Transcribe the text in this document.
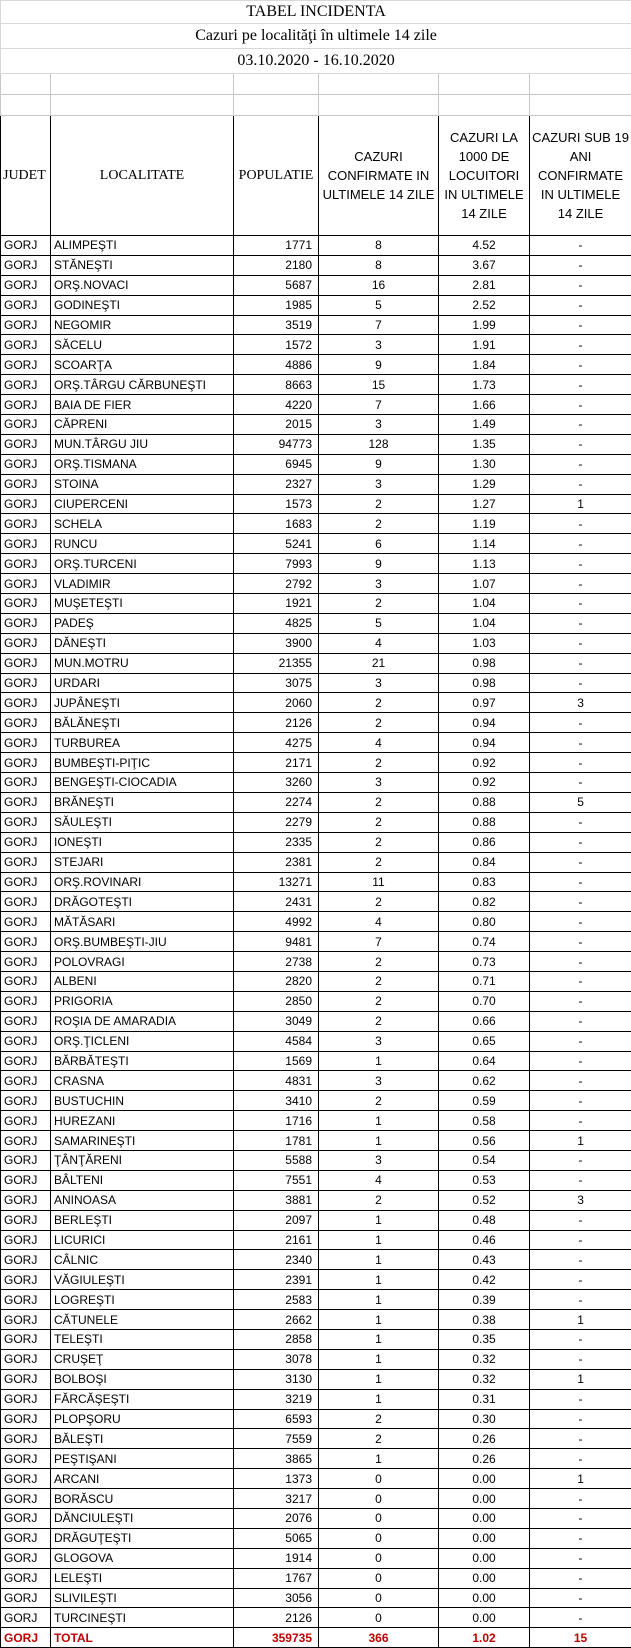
TABEL INCIDENTA					
Cazuri pe localităţi în ultimele 14 zile					
03.10.2020 - 16.10.2020					

JUDET	LOCALITATE	POPULATIE	CAZURI CONFIRMATE IN ULTIMELE 14 ZILE	CAZURI LA 1000 DE LOCUITORI IN ULTIMELE 14 ZILE	CAZURI SUB 19 ANI CONFIRMATE IN ULTIMELE 14 ZILE
GORJ	ALIMPEŞTI	1771	8	4.52	-
GORJ	STĂNEŞTI	2180	8	3.67	-
GORJ	ORŞ.NOVACI	5687	16	2.81	-
GORJ	GODINEŞTI	1985	5	2.52	-
GORJ	NEGOMIR	3519	7	1.99	-
GORJ	SĂCELU	1572	3	1.91	-
GORJ	SCOARŢA	4886	9	1.84	-
GORJ	ORŞ.TÂRGU CĂRBUNEŞTI	8663	15	1.73	-
GORJ	BAIA DE FIER	4220	7	1.66	-
GORJ	CĂPRENI	2015	3	1.49	-
GORJ	MUN.TÂRGU JIU	94773	128	1.35	-
GORJ	ORŞ.TISMANA	6945	9	1.30	-
GORJ	STOINA	2327	3	1.29	-
GORJ	CIUPERCENI	1573	2	1.27	1
GORJ	SCHELA	1683	2	1.19	-
GORJ	RUNCU	5241	6	1.14	-
GORJ	ORŞ.TURCENI	7993	9	1.13	-
GORJ	VLADIMIR	2792	3	1.07	-
GORJ	MUŞETEŞTI	1921	2	1.04	-
GORJ	PADEŞ	4825	5	1.04	-
GORJ	DĂNEŞTI	3900	4	1.03	-
GORJ	MUN.MOTRU	21355	21	0.98	-
GORJ	URDARI	3075	3	0.98	-
GORJ	JUPÂNEŞTI	2060	2	0.97	3
GORJ	BĂLĂNEŞTI	2126	2	0.94	-
GORJ	TURBUREA	4275	4	0.94	-
GORJ	BUMBEŞTI-PIŢIC	2171	2	0.92	-
GORJ	BENGEŞTI-CIOCADIA	3260	3	0.92	-
GORJ	BRĂNEŞTI	2274	2	0.88	5
GORJ	SĂULEŞTI	2279	2	0.88	-
GORJ	IONEŞTI	2335	2	0.86	-
GORJ	STEJARI	2381	2	0.84	-
GORJ	ORŞ.ROVINARI	13271	11	0.83	-
GORJ	DRĂGOTEŞTI	2431	2	0.82	-
GORJ	MĂTĂSARI	4992	4	0.80	-
GORJ	ORŞ.BUMBEŞTI-JIU	9481	7	0.74	-
GORJ	POLOVRAGI	2738	2	0.73	-
GORJ	ALBENI	2820	2	0.71	-
GORJ	PRIGORIA	2850	2	0.70	-
GORJ	ROŞIA DE AMARADIA	3049	2	0.66	-
GORJ	ORŞ.ŢICLENI	4584	3	0.65	-
GORJ	BĂRBĂTEŞTI	1569	1	0.64	-
GORJ	CRASNA	4831	3	0.62	-
GORJ	BUSTUCHIN	3410	2	0.59	-
GORJ	HUREZANI	1716	1	0.58	-
GORJ	SAMARINEŞTI	1781	1	0.56	1
GORJ	ŢÂNŢĂRENI	5588	3	0.54	-
GORJ	BÂLTENI	7551	4	0.53	-
GORJ	ANINOASA	3881	2	0.52	3
GORJ	BERLEŞTI	2097	1	0.48	-
GORJ	LICURICI	2161	1	0.46	-
GORJ	CÂLNIC	2340	1	0.43	-
GORJ	VĂGIULEŞTI	2391	1	0.42	-
GORJ	LOGREŞTI	2583	1	0.39	-
GORJ	CĂTUNELE	2662	1	0.38	1
GORJ	TELEŞTI	2858	1	0.35	-
GORJ	CRUŞEŢ	3078	1	0.32	-
GORJ	BOLBOŞI	3130	1	0.32	1
GORJ	FĂRCĂŞEŞTI	3219	1	0.31	-
GORJ	PLOPŞORU	6593	2	0.30	-
GORJ	BĂLEŞTI	7559	2	0.26	-
GORJ	PEŞTIŞANI	3865	1	0.26	-
GORJ	ARCANI	1373	0	0.00	1
GORJ	BORĂSCU	3217	0	0.00	-
GORJ	DĂNCIULEŞTI	2076	0	0.00	-
GORJ	DRĂGUŢEŞTI	5065	0	0.00	-
GORJ	GLOGOVA	1914	0	0.00	-
GORJ	LELEŞTI	1767	0	0.00	-
GORJ	SLIVILEŞTI	3056	0	0.00	-
GORJ	TURCINEŞTI	2126	0	0.00	-
GORJ	TOTAL	359735	366	1.02	15
